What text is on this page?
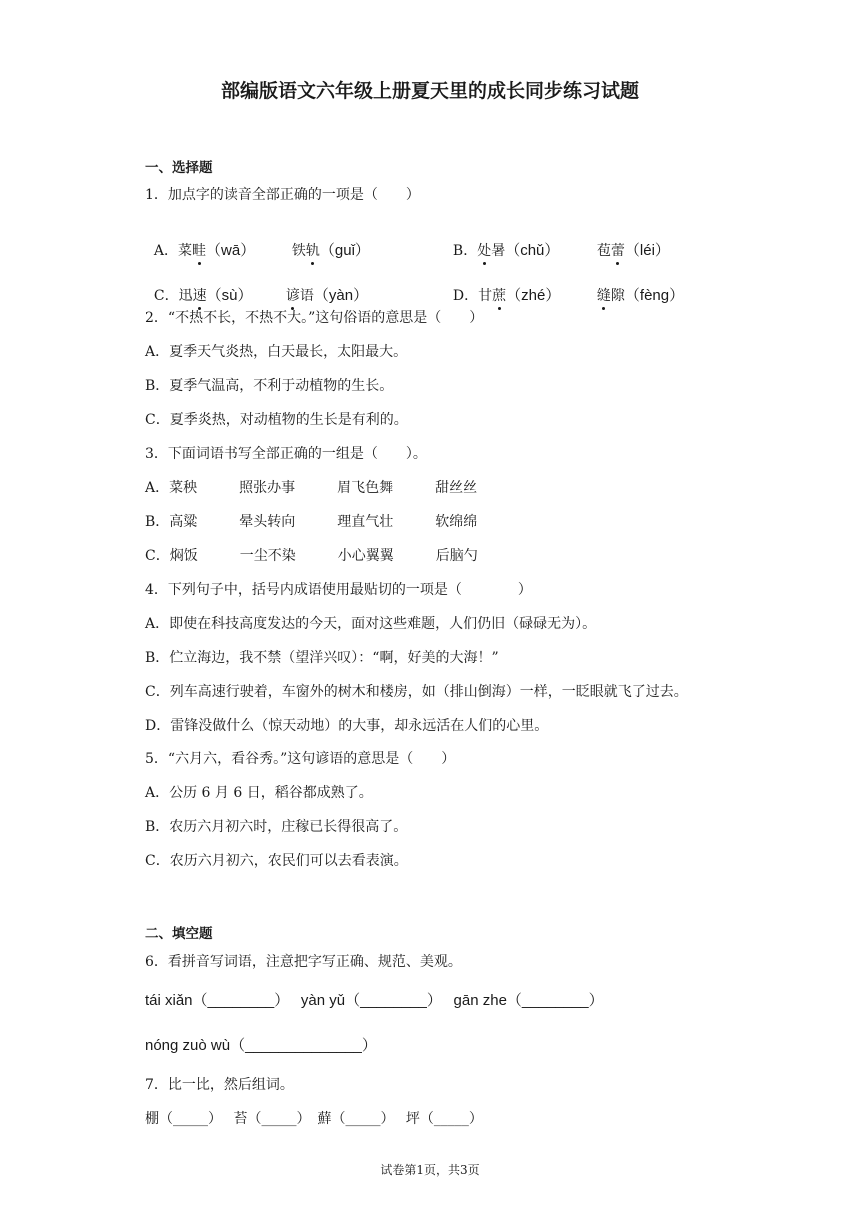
部编版语文六年级上册夏天里的成长同步练习试题
一、选择题
1．加点字的读音全部正确的一项是（　　）

A．菜畦（wā）	铁轨（guǐ）	B．处暑（chǔ）	苞蕾（léi）

C．迅速（sù）	谚语（yàn）	D．甘蔗（zhé）	缝隙（fèng）

2．“不热不长，不热不大。”这句俗语的意思是（　　）
A．夏季天气炎热，白天最长，太阳最大。
B．夏季气温高，不利于动植物的生长。
C．夏季炎热，对动植物的生长是有利的。
3．下面词语书写全部正确的一组是（　　）。
A．菜秧　　　照张办事　　　眉飞色舞　　　甜丝丝
B．高粱　　　晕头转向　　　理直气壮　　　软绵绵
C．焖饭　　　一尘不染　　　小心翼翼　　　后脑勺
4．下列句子中，括号内成语使用最贴切的一项是（　　　　）
A．即使在科技高度发达的今天，面对这些难题，人们仍旧（碌碌无为）。
B．伫立海边，我不禁（望洋兴叹）：“啊，好美的大海！”
C．列车高速行驶着，车窗外的树木和楼房，如（排山倒海）一样，一眨眼就飞了过去。
D．雷锋没做什么（惊天动地）的大事，却永远活在人们的心里。
5．“六月六，看谷秀。”这句谚语的意思是（　　）
A．公历 6 月 6 日，稻谷都成熟了。
B．农历六月初六时，庄稼已长得很高了。
C．农历六月初六，农民们可以去看表演。
二、填空题
6．看拼音写词语，注意把字写正确、规范、美观。
tái xiǎn（________）　 yàn yǔ（________）　 gān zhe（________）
nóng zuò wù（______________）
7．比一比，然后组词。
棚（_____）　 苔（_____）　蘚（_____）　 坪（_____）
试卷第1页，共3页
